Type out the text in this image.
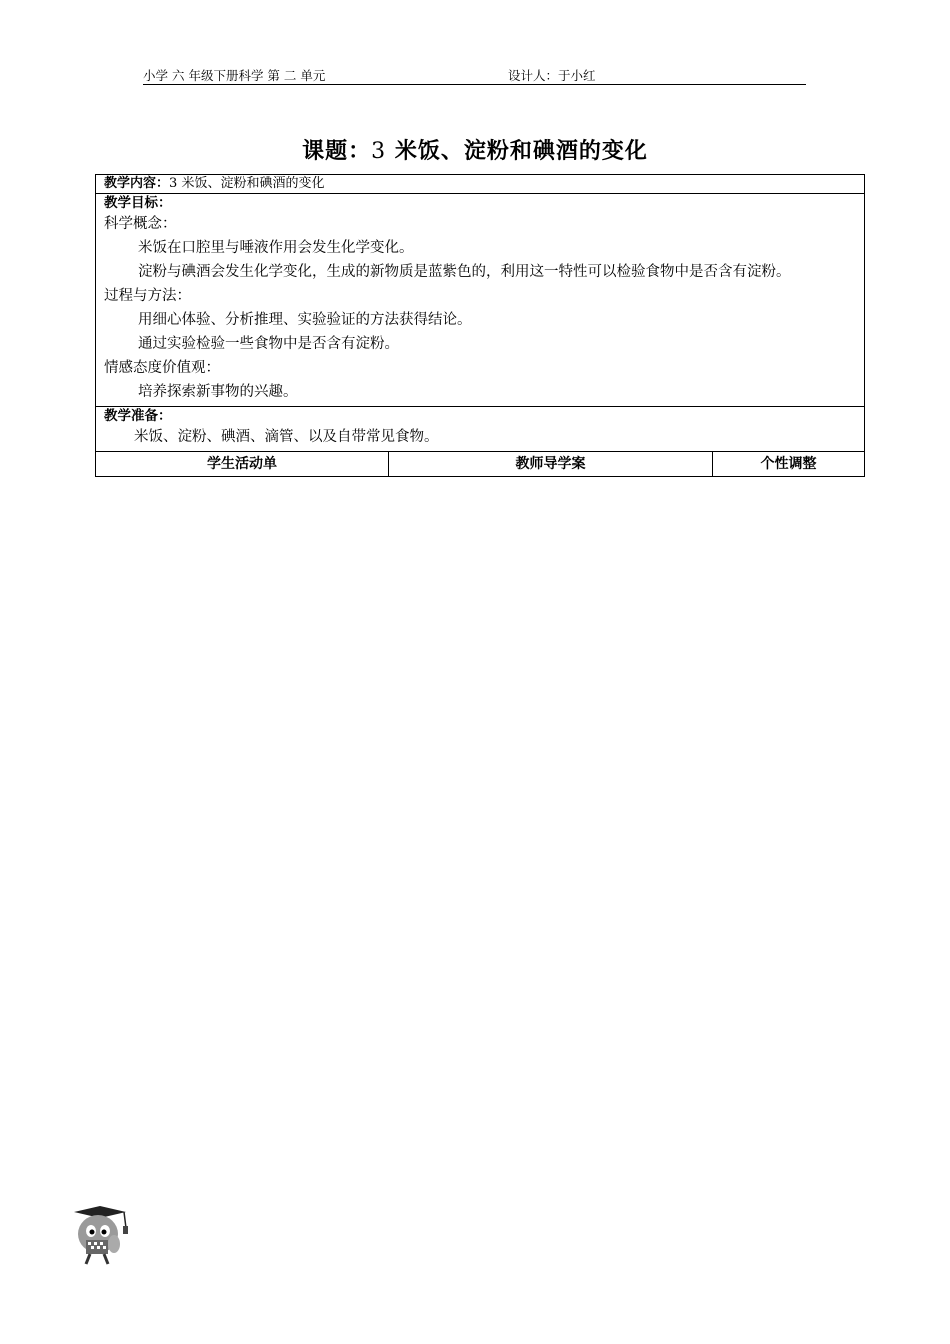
小学 六 年级下册科学 第 二 单元	设计人：于小红
课题：3 米饭、淀粉和碘酒的变化
教学内容：3 米饭、淀粉和碘酒的变化
教学目标：
科学概念：
米饭在口腔里与唾液作用会发生化学变化。
淀粉与碘酒会发生化学变化，生成的新物质是蓝紫色的，利用这一特性可以检验食物中是否含有淀粉。
过程与方法：
用细心体验、分析推理、实验验证的方法获得结论。
通过实验检验一些食物中是否含有淀粉。
情感态度价值观：
培养探索新事物的兴趣。
教学准备：
米饭、淀粉、碘酒、滴管、以及自带常见食物。
学生活动单	教师导学案	个性调整
